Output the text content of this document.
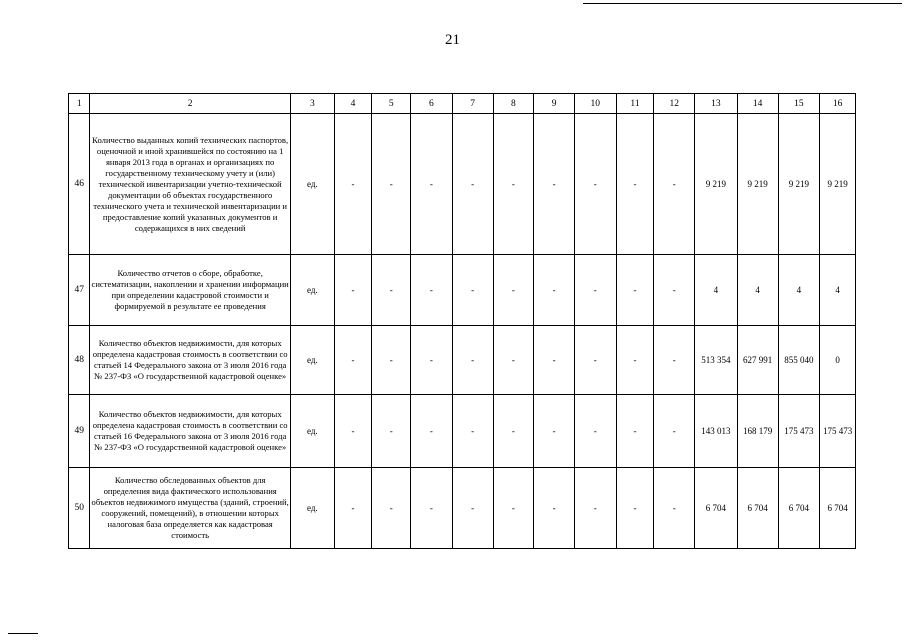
21
1	2	3	4	5	6	7	8	9	10	11	12	13	14	15	16
46	Количество выданных копий технических паспортов, оценочной и иной хранившейся по состоянию на 1 января 2013 года в органах и организациях по государственному техническому учету и (или) технической инвентаризации учетно-технической документации об объектах государственного технического учета и технической инвентаризации и предоставление копий указанных документов и содержащихся в них сведений	ед.	-	-	-	-	-	-	-	-	-	9 219	9 219	9 219	9 219
47	Количество отчетов о сборе, обработке, систематизации, накоплении и хранении информации при определении кадастровой стоимости и формируемой в результате ее проведения	ед.	-	-	-	-	-	-	-	-	-	4	4	4	4
48	Количество объектов недвижимости, для которых определена кадастровая стоимость в соответствии со статьей 14 Федерального закона от 3 июля 2016 года № 237-ФЗ «О государственной кадастровой оценке»	ед.	-	-	-	-	-	-	-	-	-	513 354	627 991	855 040	0
49	Количество объектов недвижимости, для которых определена кадастровая стоимость в соответствии со статьей 16 Федерального закона от 3 июля 2016 года № 237-ФЗ «О государственной кадастровой оценке»	ед.	-	-	-	-	-	-	-	-	-	143 013	168 179	175 473	175 473
50	Количество обследованных объектов для определения вида фактического использования объектов недвижимого имущества (зданий, строений, сооружений, помещений), в отношении которых налоговая база определяется как кадастровая стоимость	ед.	-	-	-	-	-	-	-	-	-	6 704	6 704	6 704	6 704
